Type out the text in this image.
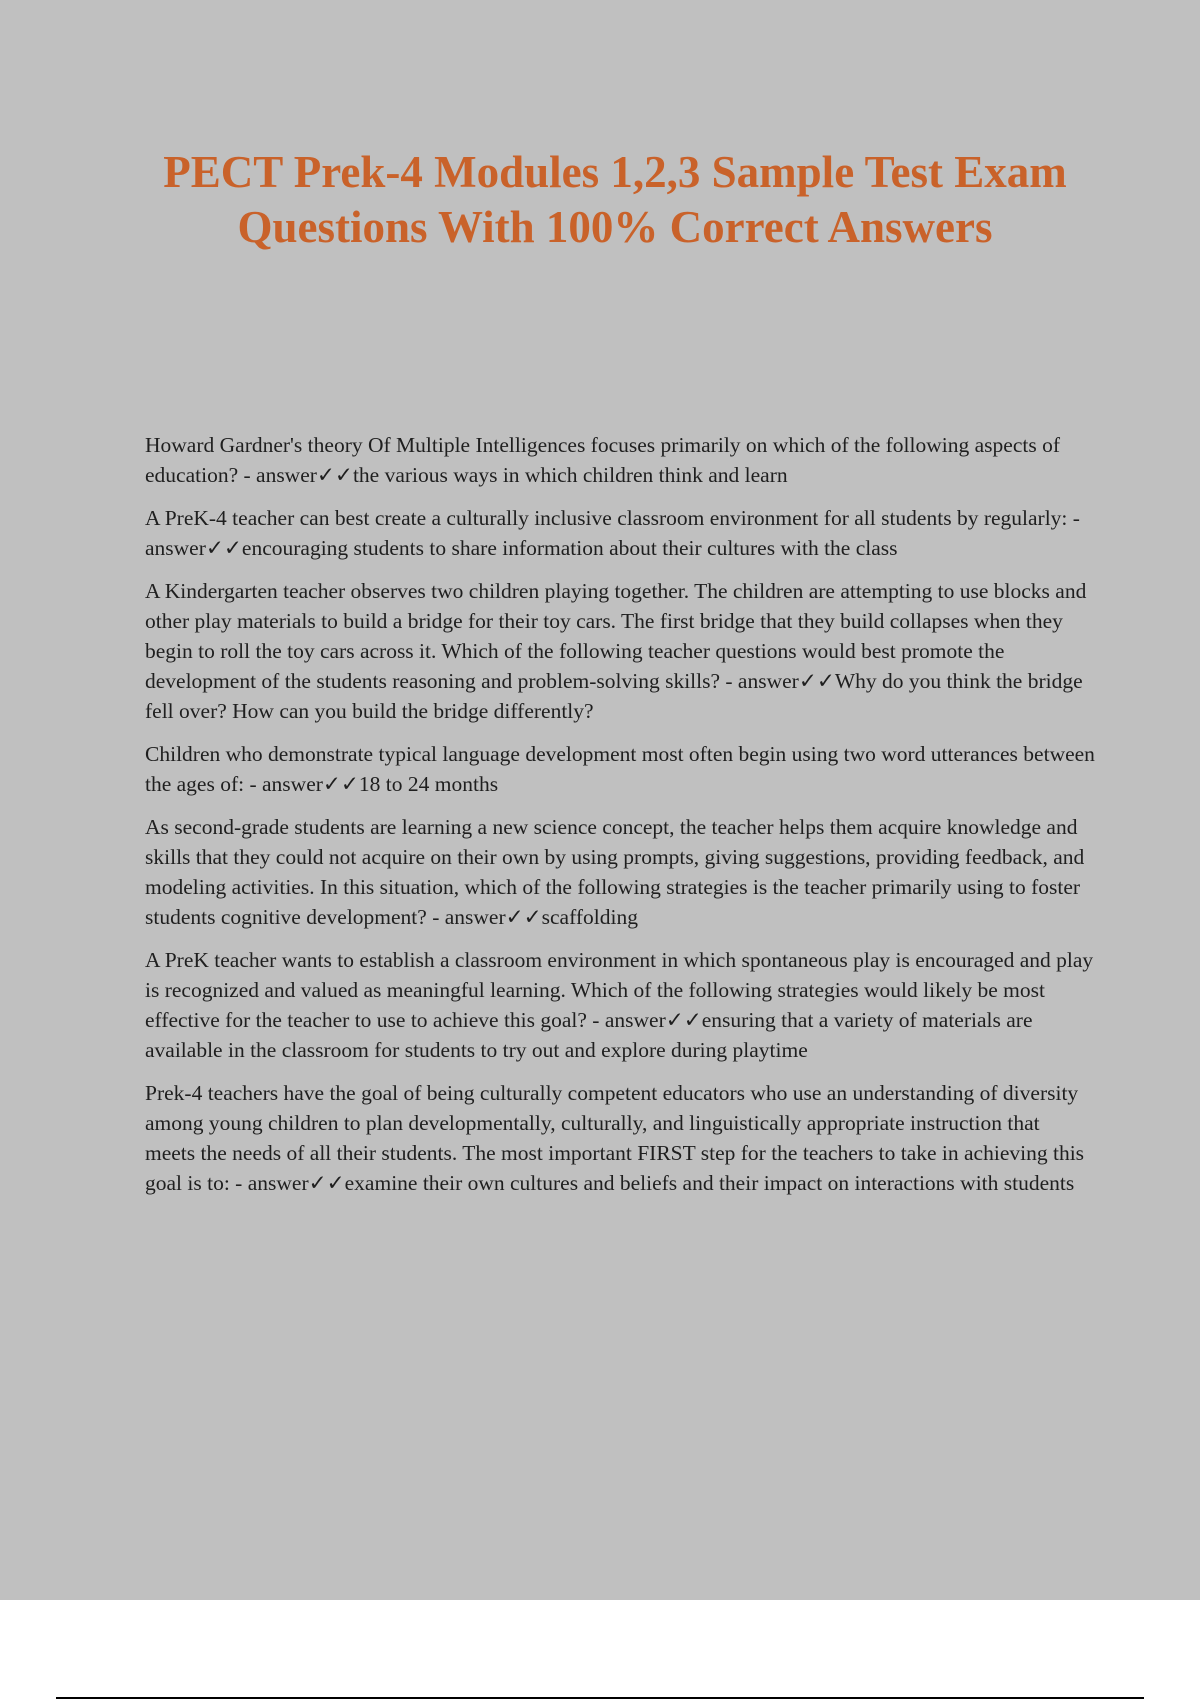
PECT Prek-4 Modules 1,2,3 Sample Test Exam Questions With 100% Correct Answers

Howard Gardner's theory Of Multiple Intelligences focuses primarily on which of the following aspects of education? - answer✓✓the various ways in which children think and learn

A PreK-4 teacher can best create a culturally inclusive classroom environment for all students by regularly: - answer✓✓encouraging students to share information about their cultures with the class

A Kindergarten teacher observes two children playing together. The children are attempting to use blocks and other play materials to build a bridge for their toy cars. The first bridge that they build collapses when they begin to roll the toy cars across it. Which of the following teacher questions would best promote the development of the students reasoning and problem-solving skills? - answer✓✓Why do you think the bridge fell over? How can you build the bridge differently?

Children who demonstrate typical language development most often begin using two word utterances between the ages of: - answer✓✓18 to 24 months

As second-grade students are learning a new science concept, the teacher helps them acquire knowledge and skills that they could not acquire on their own by using prompts, giving suggestions, providing feedback, and modeling activities. In this situation, which of the following strategies is the teacher primarily using to foster students cognitive development? - answer✓✓scaffolding

A PreK teacher wants to establish a classroom environment in which spontaneous play is encouraged and play is recognized and valued as meaningful learning. Which of the following strategies would likely be most effective for the teacher to use to achieve this goal? - answer✓✓ensuring that a variety of materials are available in the classroom for students to try out and explore during playtime

Prek-4 teachers have the goal of being culturally competent educators who use an understanding of diversity among young children to plan developmentally, culturally, and linguistically appropriate instruction that meets the needs of all their students. The most important FIRST step for the teachers to take in achieving this goal is to: - answer✓✓examine their own cultures and beliefs and their impact on interactions with students
